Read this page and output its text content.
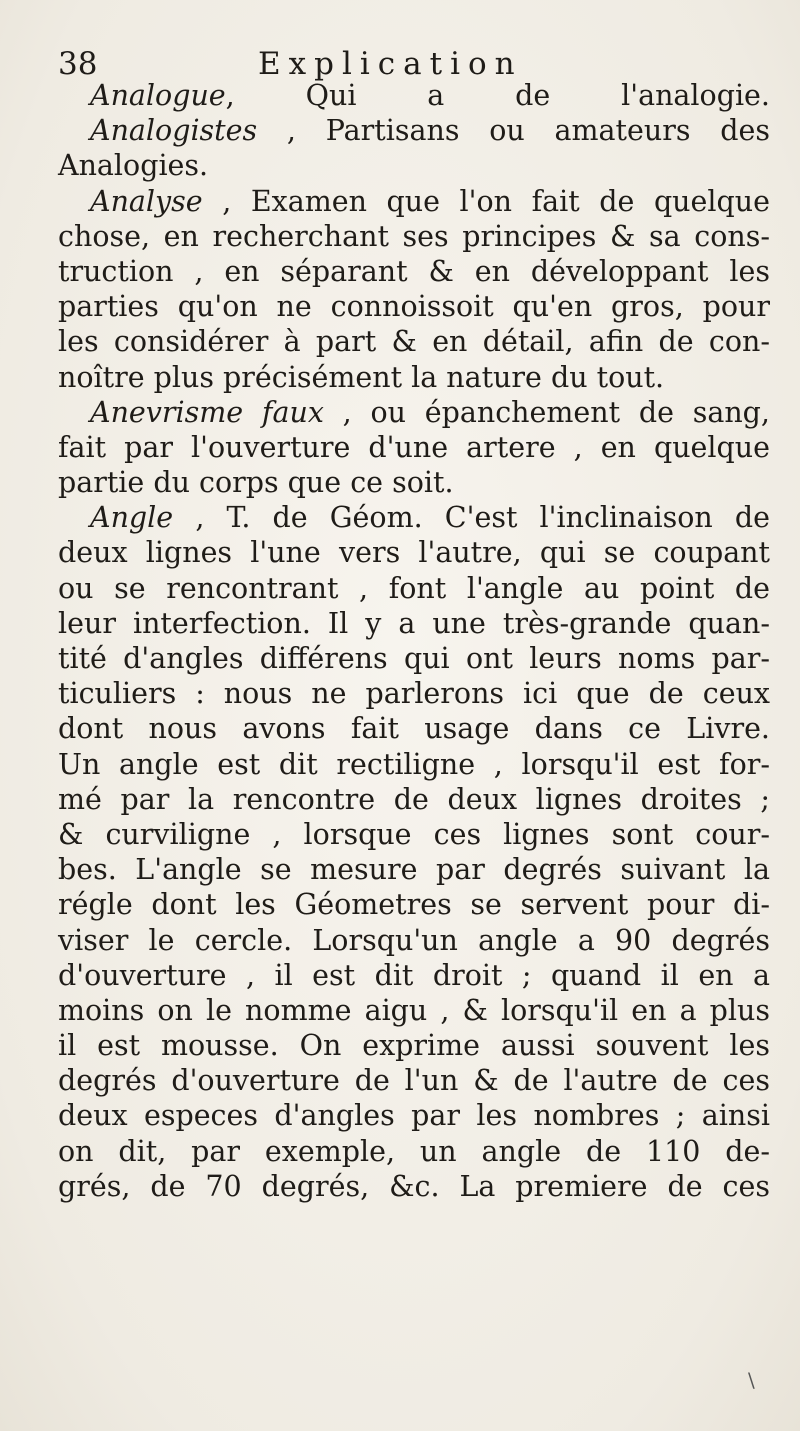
38	Explication
Analogue, Qui a de l'analogie.
Analogistes , Partisans ou amateurs des
Analogies.
Analyse , Examen que l'on fait de quelque
chose, en recherchant ses principes & sa cons-
truction , en séparant & en développant les
parties qu'on ne connoissoit qu'en gros, pour
les considérer à part & en détail, afin de con-
noître plus précisément la nature du tout.
Anevrisme faux , ou épanchement de sang,
fait par l'ouverture d'une artere , en quelque
partie du corps que ce soit.
Angle , T. de Géom. C'est l'inclinaison de
deux lignes l'une vers l'autre, qui se coupant
ou se rencontrant , font l'angle au point de
leur interfection. Il y a une très-grande quan-
tité d'angles différens qui ont leurs noms par-
ticuliers : nous ne parlerons ici que de ceux
dont nous avons fait usage dans ce Livre.
Un angle est dit rectiligne , lorsqu'il est for-
mé par la rencontre de deux lignes droites ;
& curviligne , lorsque ces lignes sont cour-
bes. L'angle se mesure par degrés suivant la
régle dont les Géometres se servent pour di-
viser le cercle. Lorsqu'un angle a 90 degrés
d'ouverture , il est dit droit ; quand il en a
moins on le nomme aigu , & lorsqu'il en a plus
il est mousse. On exprime aussi souvent les
degrés d'ouverture de l'un & de l'autre de ces
deux especes d'angles par les nombres ; ainsi
on dit, par exemple, un angle de 110 de-
grés, de 70 degrés, &c. La premiere de ces
\
